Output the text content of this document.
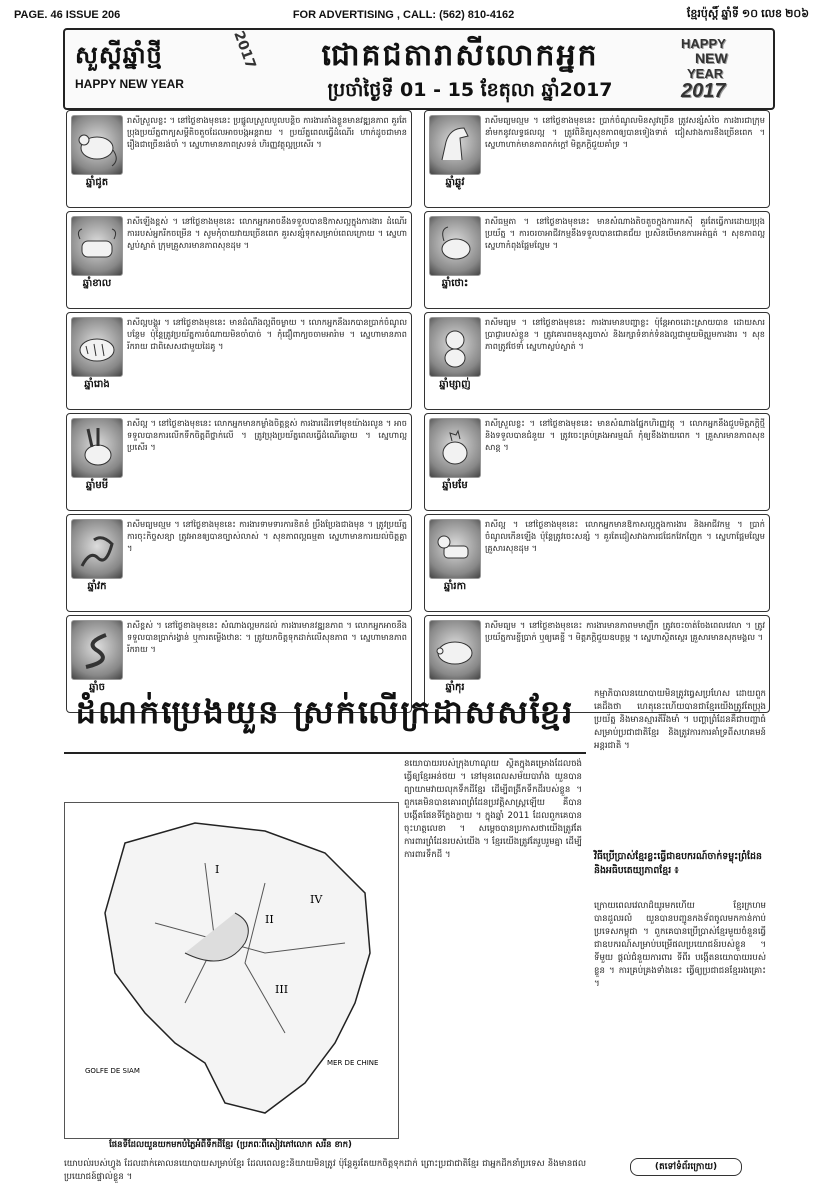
PAGE. 46 ISSUE 206	FOR ADVERTISING , CALL: (562) 810-4162	ខ្មែរប៉ុស្តិ៍ ឆ្នាំទី ១០ លេខ ២០៦
សួស្តីឆ្នាំថ្មី
HAPPY NEW YEAR
2017	ជោគជតារាសីលោកអ្នក
ប្រចាំថ្ងៃទី 01 - 15 ខែតុលា ឆ្នាំ2017
HAPPY
NEW
YEAR
2017
ឆ្នាំជូត
រាសីស្រួលខ្លះ ។ នៅថ្ងៃខាងមុខនេះ ប្រផ្នូលស្រួលបួលបន្តិច ការងារតាំងខ្លួនមានវឌ្ឍនភាព គួរតែប្រុងប្រយ័ត្នពាក្យសម្តីតិចតួចដែលអាចបង្កអន្តរាយ ។ ប្រយ័ត្នពេលធ្វើដំណើរ ហាក់ដូចជាមានរឿងជាច្រើនរង់ចាំ ។ ស្នេហាមានភាពស្រទន់ ហិរញ្ញវត្ថុល្អប្រសើរ ។
ឆ្នាំឆ្លូវ
រាសីមធ្យមល្មម ។ នៅថ្ងៃខាងមុខនេះ ប្រាក់ចំណូលមិនសូវច្រើន ត្រូវសន្សំសំចៃ ការងារជាក្រុមនាំមកនូវលទ្ធផលល្អ ។ ត្រូវពិនិត្យសុខភាពឲ្យបានទៀងទាត់ ជៀសវាងការខឹងច្រើនពេក ។ ស្នេហាហាក់មានភាពកក់ក្តៅ មិត្តភក្តិជួយគាំទ្រ ។
ឆ្នាំខាល
រាសីឡើងខ្ពស់ ។ នៅថ្ងៃខាងមុខនេះ លោកអ្នកអាចនឹងទទួលបានឱកាសល្អក្នុងការងារ ដំណើរការរបស់អ្នករីកចម្រើន ។ សូមកុំចាយវាយច្រើនពេក គួរសន្សំទុកសម្រាប់ពេលក្រោយ ។ ស្នេហាស្ងប់ស្ងាត់ ក្រុមគ្រួសារមានភាពសុខដុម ។
ឆ្នាំថោះ
រាសីធម្មតា ។ នៅថ្ងៃខាងមុខនេះ មានសំណាងតិចតួចក្នុងការរកស៊ី គួរតែធ្វើការដោយប្រុងប្រយ័ត្ន ។ ការចរចាអាជីវកម្មនឹងទទួលបានជោគជ័យ ប្រសិនបើមានការអត់ធ្មត់ ។ សុខភាពល្អ ស្នេហាកំពុងផ្អែមល្ហែម ។
ឆ្នាំរោង
រាសីល្អបង្គួរ ។ នៅថ្ងៃខាងមុខនេះ មានដំណឹងល្អពីចម្ងាយ ។ លោកអ្នកនឹងរកបានប្រាក់ចំណូលបន្ថែម ប៉ុន្តែត្រូវប្រយ័ត្នការចំណាយមិនចាំបាច់ ។ កុំជឿពាក្យចចាមអារ៉ាម ។ ស្នេហាមានភាពរីករាយ ជាពិសេសជាមួយដៃគូ ។
ឆ្នាំម្សាញ់
រាសីមធ្យម ។ នៅថ្ងៃខាងមុខនេះ ការងារមានបញ្ហាខ្លះ ប៉ុន្តែអាចដោះស្រាយបាន ដោយសារប្រាជ្ញារបស់ខ្លួន ។ ត្រូវគោរពមនុស្សចាស់ និងរក្សាទំនាក់ទំនងល្អជាមួយមិត្តរួមការងារ ។ សុខភាពត្រូវថែទាំ ស្នេហាស្ងប់ស្ងាត់ ។
ឆ្នាំមមី
រាសីល្អ ។ នៅថ្ងៃខាងមុខនេះ លោកអ្នកមានកម្លាំងចិត្តខ្ពស់ ការងារដើរទៅមុខយ៉ាងរលូន ។ អាចទទួលបានការលើកទឹកចិត្តពីថ្នាក់លើ ។ ត្រូវប្រុងប្រយ័ត្នពេលធ្វើដំណើរឆ្ងាយ ។ ស្នេហាល្អប្រសើរ ។
ឆ្នាំមមែ
រាសីស្រួលខ្លះ ។ នៅថ្ងៃខាងមុខនេះ មានសំណាងផ្នែកហិរញ្ញវត្ថុ ។ លោកអ្នកនឹងជួបមិត្តភក្តិថ្មី និងទទួលបានជំនួយ ។ ត្រូវចេះគ្រប់គ្រងអារម្មណ៍ កុំឲ្យខឹងងាយពេក ។ គ្រួសារមានភាពសុខសាន្ត ។
ឆ្នាំវក
រាសីមធ្យមល្មម ។ នៅថ្ងៃខាងមុខនេះ ការងារទាមទារការខិតខំ ប្រឹងប្រែងជាងមុន ។ ត្រូវប្រយ័ត្នការចុះកិច្ចសន្យា ត្រូវអានឲ្យបានច្បាស់លាស់ ។ សុខភាពល្អធម្មតា ស្នេហាមានការយល់ចិត្តគ្នា ។
ឆ្នាំរកា
រាសីល្អ ។ នៅថ្ងៃខាងមុខនេះ លោកអ្នកមានឱកាសល្អក្នុងការងារ និងអាជីវកម្ម ។ ប្រាក់ចំណូលកើនឡើង ប៉ុន្តែត្រូវចេះសន្សំ ។ គួរតែជៀសវាងការជជែកវែកញែក ។ ស្នេហាផ្អែមល្ហែម គ្រួសារសុខដុម ។
ឆ្នាំច
រាសីខ្ពស់ ។ នៅថ្ងៃខាងមុខនេះ សំណាងល្អមកដល់ ការងារមានវឌ្ឍនភាព ។ លោកអ្នកអាចនឹងទទួលបានប្រាក់រង្វាន់ ឬការតម្លើងឋានៈ ។ ត្រូវយកចិត្តទុកដាក់លើសុខភាព ។ ស្នេហាមានភាពរីករាយ ។
ឆ្នាំកុរ
រាសីមធ្យម ។ នៅថ្ងៃខាងមុខនេះ ការងារមានភាពមមាញឹក ត្រូវចេះចាត់ចែងពេលវេលា ។ ត្រូវប្រយ័ត្នការខ្ចីប្រាក់ ឬឲ្យគេខ្ចី ។ មិត្តភក្តិជួយឧបត្ថម្ភ ។ ស្នេហាស្ថិតស្ថេរ គ្រួសារមានសុភមង្គល ។
ដំណក់ប្រេងយួន ស្រក់លើក្រដាសសខ្មែរ
I
II
III
IV
GOLFE DE SIAM
MER DE CHINE
ផែនទីដែលយួនយកមកបំភ្លៃអំពីទឹកដីខ្មែរ (ប្រភពៈពីសៀវភៅលោក សរីន ខាក)
នយោបាយរបស់ក្រុងហាណូយ ស្ថិតក្នុងគម្រោងដែលចង់ធ្វើឲ្យខ្មែរអន់ថយ ។ នៅមុនពេលសម័យបារាំង យួនបានព្យាយាមវាយលុកទឹកដីខ្មែរ ដើម្បីពង្រីកទឹកដីរបស់ខ្លួន ។ ពួកគេមិនបានគោរពព្រំដែនប្រវត្តិសាស្ត្រឡើយ គឺបានបង្កើតផែនទីក្លែងក្លាយ ។ ក្នុងឆ្នាំ 2011 ដែលពួកគេបានចុះហត្ថលេខា ។ សម្តេចបានប្រកាសថាយើងត្រូវតែការពារព្រំដែនរបស់យើង ។ ខ្មែរយើងត្រូវតែរួបរួមគ្នា ដើម្បីការពារទឹកដី ។
កម្មាភិបាលនយោបាយមិនត្រូវធ្វេសប្រហែស ដោយពួកគេដឹងថា ហេតុនេះហើយបានជាខ្មែរយើងត្រូវតែប្រុងប្រយ័ត្ន និងមានស្មារតីរឹងមាំ ។ បញ្ហាព្រំដែនគឺជាបញ្ហាធំសម្រាប់ប្រជាជាតិខ្មែរ និងត្រូវការការគាំទ្រពីសហគមន៍អន្តរជាតិ ។
វិធីប្រើប្រាស់ខ្មែរខ្លះធ្វើជាឧបករណ៍ចាក់ទម្លុះព្រំដែន និងអធិបតេយ្យភាពខ្មែរ ៖
ក្រោយពេលវេលាដ៏យូរមកហើយ ខ្មែរក្រហមបានដួលរលំ យួនបានបញ្ជូនកងទ័ពចូលមកកាន់កាប់ប្រទេសកម្ពុជា ។ ពួកគេបានប្រើប្រាស់ខ្មែរមួយចំនួនធ្វើជាឧបករណ៍សម្រាប់បម្រើផលប្រយោជន៍របស់ខ្លួន ។ ទីមួយ ផ្តល់ជំនួយការពារ ទីពីរ បង្កើតនយោបាយរបស់ខ្លួន ។ ការគ្រប់គ្រងទាំងនេះ ធ្វើឲ្យប្រជាជនខ្មែររងគ្រោះ ។
(តទៅទំព័រក្រោយ)
យោបល់របស់ហ្វូង ដែលដាក់គោលនយោបាយសម្រាប់ខ្មែរ ដែលពេលខ្លះនិយាយមិនត្រូវ ប៉ុន្តែគួរតែយកចិត្តទុកដាក់ ព្រោះប្រជាជាតិខ្មែរ ជាអ្នកដឹកនាំប្រទេស និងមានផលប្រយោជន៍ផ្ទាល់ខ្លួន ។
